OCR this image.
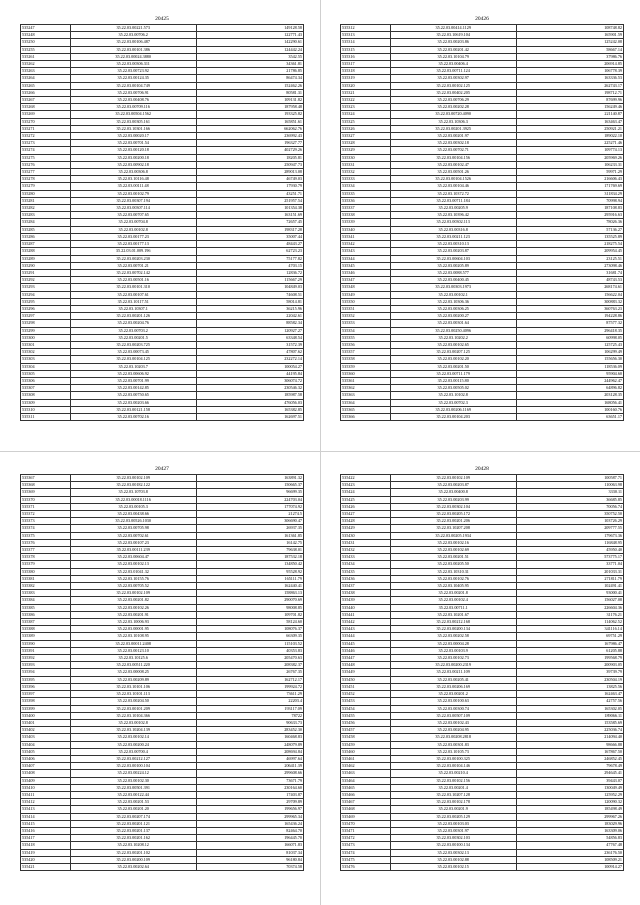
20425
535247	35.22.03.00221.573	149128.58
535248	35.22.03.00706.2	122771.43
535250	35.22.03.00106.487	142290.61
535255	35.22.03.00101.386	124442.24
535261	35.22.03.00024.3880	3542.55
535262	35.22.03.00306.311	34361.81
535263	35.22.03.00723.92	21786.85
535264	35.22.03.00124.35	86474.34
535265	35.22.03.00104.749	152462.26
535266	35.22.03.00706.91	80581.31
535267	35.22.03.00408.76	109131.82
535268	35.22.03.00709.116	187958.48
535269	35.22.03.00504.1562	193325.82
535270	35.22.03.00305.161	165851.61
535271	35.22.03.10301.166	662062.76
535272	35.22.03.00020.17	236992.43
535273	35.22.03.00701.54	196327.77
535274	35.22.03.00120.18	402729.26
535275	35.22.03.00200.18	18205.81
535276	35.22.03.00902.18	250947.73
535277	35.22.03.00306.8	289013.08
535278	35.22.03.10116.48	46749.03
535279	35.22.03.00111.48	17930.79
535280	35.22.03.00102.79	43251.71
535281	35.22.03.00307.194	251957.54
535282	35.22.03.00307.114	101354.38
535283	35.22.03.00707.65	163151.69
535284	35.22.03.00704.8	72657.45
535285	35.22.03.00102.8	198317.28
535286	35.22.03.00177.23	35007.44
535287	35.22.03.00177.13	48443.27
535288	35.22.03.01.009.196	62723.23
535289	35.22.03.00203.230	75177.82
535290	35.22.03.00701.21	4703.15
535291	35.22.03.00702.142	12836.72
535292	35.22.03.00501.16	115667.29
535293	35.22.03.00101.310	104849.03
535294	35.22.03.00107.61	74608.51
535295	35.22.03.10117.51	58014.81
535296	35.22.03.10307.1	36215.96
535297	35.22.03.00201.126	22042.61
535298	35.22.03.00204.76	88582.34
535299	35.22.03.00703.2	120927.27
535300	35.22.03.00201.5	63348.54
535301	35.22.03.00203.725	31572.39
535302	35.22.03.00073.45	47807.62
535303	35.22.03.00104.125	232272.14
535304	35.22.03.10203.7	100054.27
535305	35.22.03.00606.92	44195.84
535306	35.22.03.00701.99	306074.72
535307	35.22.03.00142.85	230546.32
535308	35.22.03.00750.65	185987.58
535309	35.22.03.00203.66	476056.03
535310	35.22.03.00121.158	165382.85
535311	35.22.03.00702.16	162697.51
20426
535312	35.22.03.00414.1129	108748.82
535313	35.22.03.10619.104	165901.59
535314	35.22.03.00203.86	125242.08
535315	35.22.03.00201.42	58667.14
535316	35.22.03.10104.79	37986.76
535317	35.22.03.00406.4	206914.85
535318	35.22.03.00711.124	106778.39
535319	35.22.03.00302.97	163336.53
535320	35.22.03.00102.125	262743.17
535321	35.22.03.00402.205	198712.71
535322	35.22.03.00706.29	87699.96
535323	35.22.03.00202.28	156249.46
535324	35.22.03.00720.4090	221140.87
535325	35.22.03.10306.3	163463.47
535326	35.22.03.00201.3925	250921.21
535327	35.22.03.00201.97	189022.10
535328	35.22.03.00302.18	225271.46
535329	35.22.03.00702.71	109774.13
535330	35.22.03.00104.156	205969.26
535331	35.22.03.00102.47	106233.31
535332	35.22.03.00501.26	59971.29
535333	35.22.03.00104.1526	216606.43
535334	35.22.03.00104.46	171769.69
535335	35.22.03.10372.72	311834.29
535336	35.22.03.00711.184	70998.94
535337	35.22.03.00205.9	187108.83
535338	35.22.03.10396.42	295916.63
535339	35.22.03.00302.113	78026.36
535340	35.22.03.00316.8	57136.27
535341	35.22.03.00211.123	135525.89
535342	35.22.03.00310.13	218275.54
535343	35.22.03.00203.87	209954.45
535344	35.22.03.00604.103	23125.51
535345	35.22.03.00205.89	273098.46
535346	35.22.03.0088.577	31681.74
535347	35.22.03.00400.45	48743.53
535348	35.22.03.00303.1973	268174.61
535349	35.22.03.00102.1	156622.04
535350	35.22.03.10306.36	300883.32
535351	35.22.03.00306.25	360763.23
535352	35.22.03.00200.27	194228.86
535353	35.22.03.00301.64	87577.32
535354	35.22.03.00250.4096	296418.35
535355	35.22.03.10202.2	60998.05
535356	35.22.03.00102.65	125725.43
535357	35.22.03.00207.125	106299.49
535358	35.22.03.00102.20	155656.30
535359	35.22.03.00201.50	118536.09
535360	35.22.03.00711.179	95904.60
535361	35.22.03.00115.80	244962.47
535362	35.22.03.00505.02	64896.82
535363	35.22.03.10102.8	203128.35
535364	35.22.03.00702.3	168056.41
535365	35.22.03.00206.1169	100160.76
535366	35.22.03.00104.203	63651.17
20427
535367	35.22.03.00102.109	163891.32
535368	35.22.03.00182.122	150665.37
535369	35.22.03.10703.8	96699.35
535370	35.22.03.00018.1116	224703.04
535371	35.22.03.00105.3	177074.92
535372	35.22.03.00438.66	21274.5
535373	35.22.03.00526.1030	306690.47
535374	35.22.03.00705.98	26937.35
535375	35.22.03.00702.61	161361.85
535376	35.22.03.00107.23	16142.75
535377	35.22.03.00111.239	79638.01
535378	35.22.03.00604.47	187532.18
535379	35.22.03.00102.13	134850.42
535380	35.22.03.01041.32	95528.92
535381	35.22.03.10155.76	165111.79
535382	35.22.03.00705.52	162440.41
535383	35.22.03.00102.109	158863.13
535384	35.22.03.00201.82	290070.69
535385	35.22.03.00102.26	98008.85
535386	35.22.03.00201.91	109701.82
535387	35.22.03.10006.93	58124.60
535388	35.22.03.00001.95	108076.37
535389	35.22.03.10108.95	66309.35
535390	35.22.03.00011.2408	115103.52
535391	35.22.03.00123.10	40353.83
535392	35.22.03.10125.6	205470.63
535393	35.22.03.00511.220	208382.37
535394	35.22.03.00008.25	26767.35
535395	35.22.03.00209.89	162712.17
535396	35.22.03.10101.106	199924.72
535397	35.22.03.10101.113	73611.29
535398	35.22.03.00204.50	22203.4
535399	35.22.03.00101.209	193117.09
535400	35.22.03.10104.366	78722
535401	35.22.03.00102.8	90633.73
535402	35.22.03.10204.139	283452.30
535403	35.22.03.00102.14	160468.83
535404	35.22.03.00200.24	248079.89
535405	35.22.03.00700.4	208694.84
535406	35.22.03.00212.127	46997.64
535407	35.22.03.00100.104	206411.39
535408	35.22.03.00224.12	299608.66
535409	35.22.03.00102.30	73671.79
535410	35.22.03.00501.391	230164.60
535411	35.22.03.00122.44	17403.87
535412	35.22.03.00201.53	29709.89
535413	35.22.03.00201.20	199656.97
535414	35.22.03.00207.174	299965.34
535415	35.22.03.00201.121	165436.24
535416	35.22.03.00201.137	82464.70
535417	35.22.03.00201.162	196445.70
535418	35.22.03.10208.12	166071.83
535419	35.22.03.00201.102	81037.34
535420	35.22.03.00200.109	96180.84
535421	35.22.03.00202.64	70374.58
20428
535422	35.22.03.00102.109	100587.71
535423	35.22.03.00203.87	110063.98
535424	35.22.03.00400.8	3330.11
535425	35.22.03.00203.99	36685.85
535426	35.22.03.00302.104	70056.74
535427	35.22.03.00205.172	350752.50
535428	35.22.03.00201.206	103726.29
535429	35.22.03.10207.208	209777.55
535430	35.22.03.00205.1934	179673.36
535431	35.22.03.00102.16	116848.95
535432	35.22.03.00102.69	45950.40
535433	35.22.03.00201.51	573775.17
535434	35.22.03.00205.50	33771.04
535435	35.22.03.10310.31	201033.31
535436	35.22.03.00102.76	271811.79
535437	35.22.03.10405.95	102491.41
535438	35.22.03.00201.8	93000.41
535439	35.22.03.00102.4	156027.08
535440	35.22.03.00711.1	226604.36
535441	35.22.03.10201.67	31176.21
535442	35.22.03.00212.168	114062.52
535443	35.22.03.00200.134	341116.14
535444	35.22.03.00202.58	69751.29
535445	35.22.03.00004.28	167986.47
535446	35.22.03.00103.9	61205.88
535447	35.22.03.00102.73	199568.79
535448	35.22.03.00200.2319	200903.05
535449	35.22.03.00211.109	39739.79
535450	35.22.03.00205.41	230504.19
535451	35.22.03.00206.169	13825.56
535452	35.22.03.00201.2	162463.47
535453	35.22.03.00100.63	42757.56
535454	35.22.03.00300.74	165302.05
535455	35.22.03.00507.109	189066.11
535456	35.22.03.00102.43	153585.69
535457	35.22.03.00204.95	225036.74
535458	35.22.03.00208.2818	214094.40
535459	35.22.03.00301.83	98666.88
535460	35.22.03.10105.73	167867.50
535461	35.22.03.00100.325	246852.45
535462	35.22.03.00104.146	79678.49
535463	35.22.03.00210.4	294645.41
535464	35.22.03.00102.156	39443.07
535465	35.22.03.00201.4	130049.49
535466	35.22.03.10207.128	125952.29
535467	35.22.03.00102.178	120090.32
535468	35.22.03.00201.9	185498.49
535469	35.22.03.00205.129	299967.26
535470	35.22.03.00103.03	183029.96
535471	35.22.03.00301.97	163309.06
535472	35.22.03.00302.103	54856.83
535473	35.22.03.00100.134	47767.48
535474	35.22.03.00302.13	236176.50
535475	35.22.03.00102.88	108509.21
535476	35.22.03.00102.15	100914.27
